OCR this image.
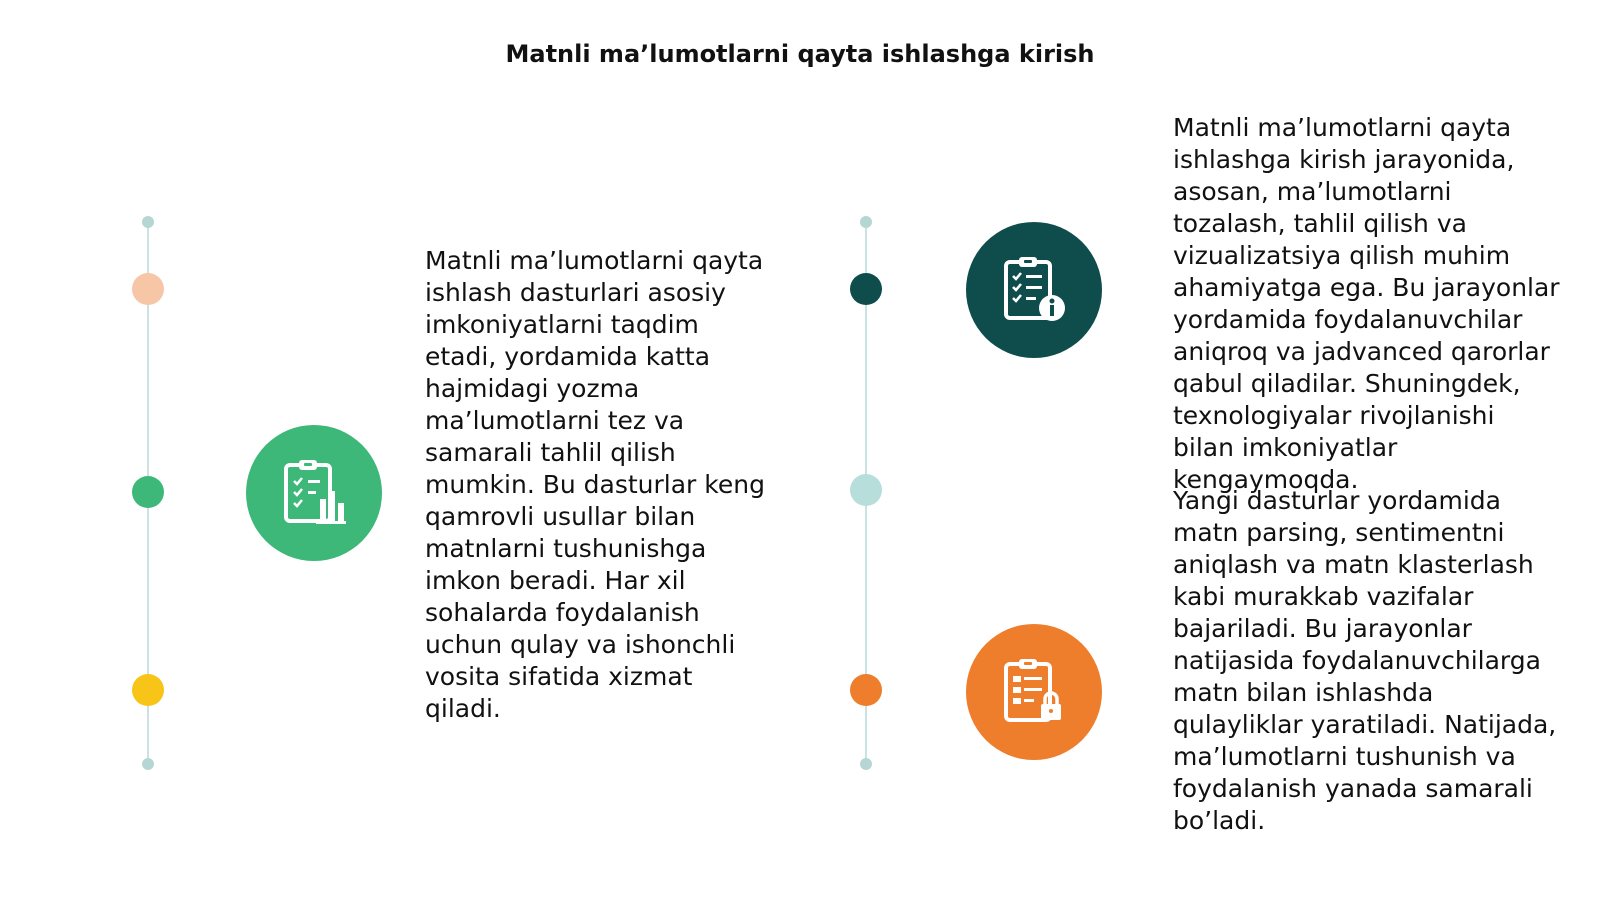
Matnli ma’lumotlarni qayta ishlashga kirish

Matnli ma’lumotlarni qayta ishlash dasturlari asosiy imkoniyatlarni taqdim etadi, yordamida katta hajmidagi yozma ma’lumotlarni tez va samarali tahlil qilish mumkin. Bu dasturlar keng qamrovli usullar bilan matnlarni tushunishga imkon beradi. Har xil sohalarda foydalanish uchun qulay va ishonchli vosita sifatida xizmat qiladi.

Matnli ma’lumotlarni qayta ishlashga kirish jarayonida, asosan, ma’lumotlarni tozalash, tahlil qilish va vizualizatsiya qilish muhim ahamiyatga ega. Bu jarayonlar yordamida foydalanuvchilar aniqroq va jadvanced qarorlar qabul qiladilar. Shuningdek, texnologiyalar rivojlanishi bilan imkoniyatlar kengaymoqda.

Yangi dasturlar yordamida matn parsing, sentimentni aniqlash va matn klasterlash kabi murakkab vazifalar bajariladi. Bu jarayonlar natijasida foydalanuvchilarga matn bilan ishlashda qulayliklar yaratiladi. Natijada, ma’lumotlarni tushunish va foydalanish yanada samarali bo’ladi.
